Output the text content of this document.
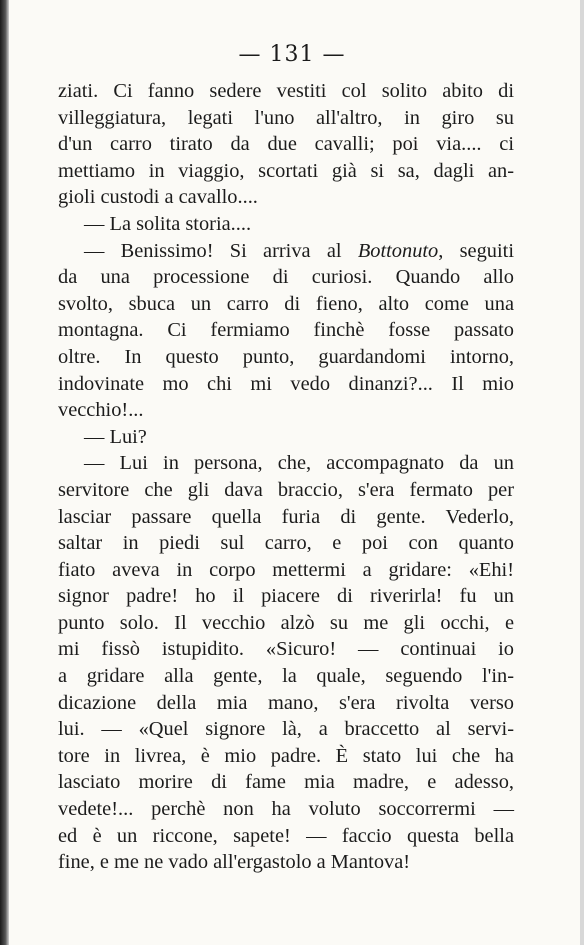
— 131 —
ziati. Ci fanno sedere vestiti col solito abito di
villeggiatura, legati l'uno all'altro, in giro su
d'un carro tirato da due cavalli; poi via.... ci
mettiamo in viaggio, scortati già si sa, dagli an-
gioli custodi a cavallo....
— La solita storia....
— Benissimo! Si arriva al Bottonuto, seguiti
da una processione di curiosi. Quando allo
svolto, sbuca un carro di fieno, alto come una
montagna. Ci fermiamo finchè fosse passato
oltre. In questo punto, guardandomi intorno,
indovinate mo chi mi vedo dinanzi?... Il mio
vecchio!...
— Lui?
— Lui in persona, che, accompagnato da un
servitore che gli dava braccio, s'era fermato per
lasciar passare quella furia di gente. Vederlo,
saltar in piedi sul carro, e poi con quanto
fiato aveva in corpo mettermi a gridare: «Ehi!
signor padre! ho il piacere di riverirla! fu un
punto solo. Il vecchio alzò su me gli occhi, e
mi fissò istupidito. «Sicuro! — continuai io
a gridare alla gente, la quale, seguendo l'in-
dicazione della mia mano, s'era rivolta verso
lui. — «Quel signore là, a braccetto al servi-
tore in livrea, è mio padre. È stato lui che ha
lasciato morire di fame mia madre, e adesso,
vedete!... perchè non ha voluto soccorrermi —
ed è un riccone, sapete! — faccio questa bella
fine, e me ne vado all'ergastolo a Mantova!
